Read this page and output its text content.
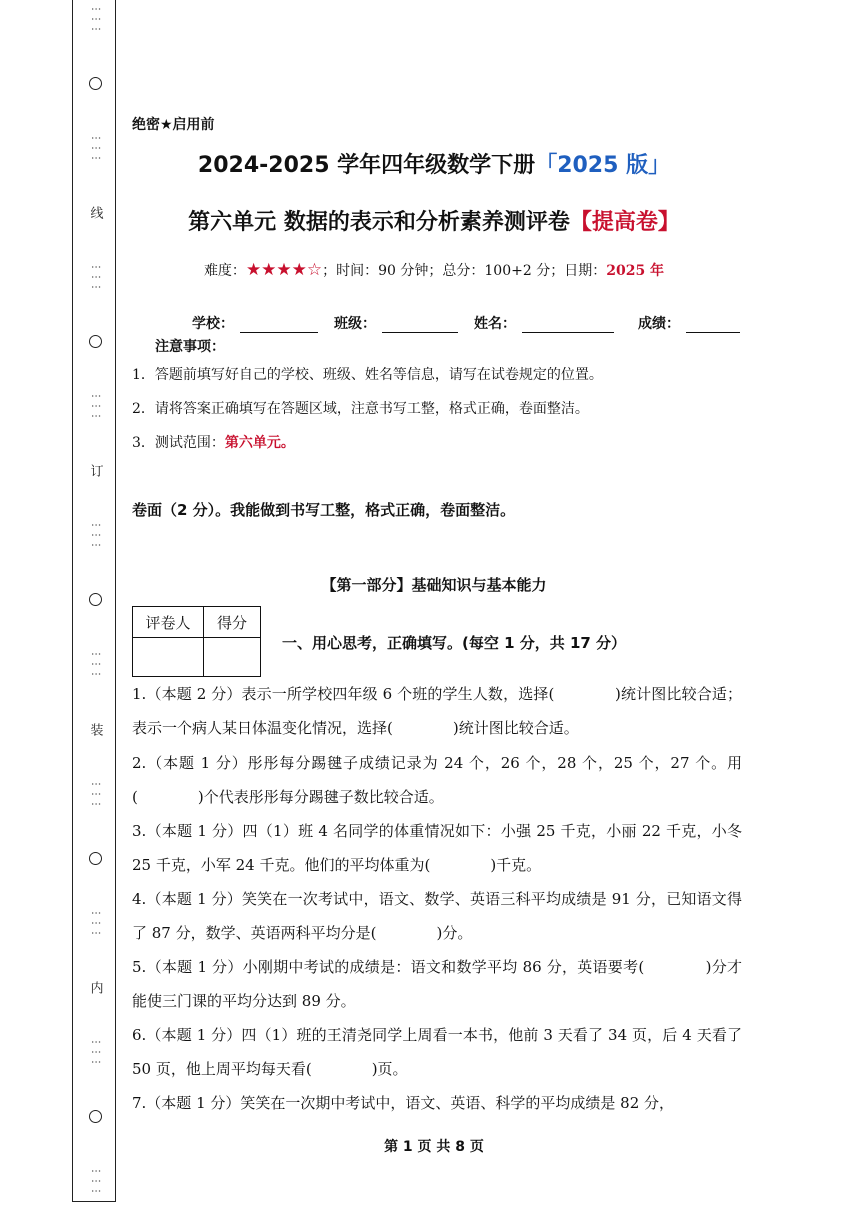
⋮⋮⋮
⋮⋮⋮
线
⋮⋮⋮
⋮⋮⋮
订
⋮⋮⋮
⋮⋮⋮
装
⋮⋮⋮
⋮⋮⋮
内
⋮⋮⋮
⋮⋮⋮
绝密★启用前
2024-2025 学年四年级数学下册「2025 版」
第六单元 数据的表示和分析素养测评卷【提高卷】
难度：★★★★☆；时间：90 分钟；总分：100+2 分；日期：2025 年
学校：	班级：	姓名：	成绩：
注意事项：
1．答题前填写好自己的学校、班级、姓名等信息，请写在试卷规定的位置。
2．请将答案正确填写在答题区域，注意书写工整，格式正确，卷面整洁。
3．测试范围：第六单元。
卷面（2 分）。我能做到书写工整，格式正确，卷面整洁。
【第一部分】基础知识与基本能力
评卷人	得分

一、用心思考，正确填写。(每空 1 分，共 17 分）
1.（本题 2 分）表示一所学校四年级 6 个班的学生人数，选择(　　　　)统计图比较合适；表示一个病人某日体温变化情况，选择(　　　　)统计图比较合适。
2.（本题 1 分）彤彤每分踢毽子成绩记录为 24 个，26 个，28 个，25 个，27 个。用(　　　　)个代表彤彤每分踢毽子数比较合适。
3.（本题 1 分）四（1）班 4 名同学的体重情况如下：小强 25 千克，小丽 22 千克，小冬 25 千克，小军 24 千克。他们的平均体重为(　　　　)千克。
4.（本题 1 分）笑笑在一次考试中，语文、数学、英语三科平均成绩是 91 分，已知语文得了 87 分，数学、英语两科平均分是(　　　　)分。
5.（本题 1 分）小刚期中考试的成绩是：语文和数学平均 86 分，英语要考(　　　　)分才能使三门课的平均分达到 89 分。
6.（本题 1 分）四（1）班的王清尧同学上周看一本书，他前 3 天看了 34 页，后 4 天看了 50 页，他上周平均每天看(　　　　)页。
7.（本题 1 分）笑笑在一次期中考试中，语文、英语、科学的平均成绩是 82 分，
第 1 页 共 8 页
